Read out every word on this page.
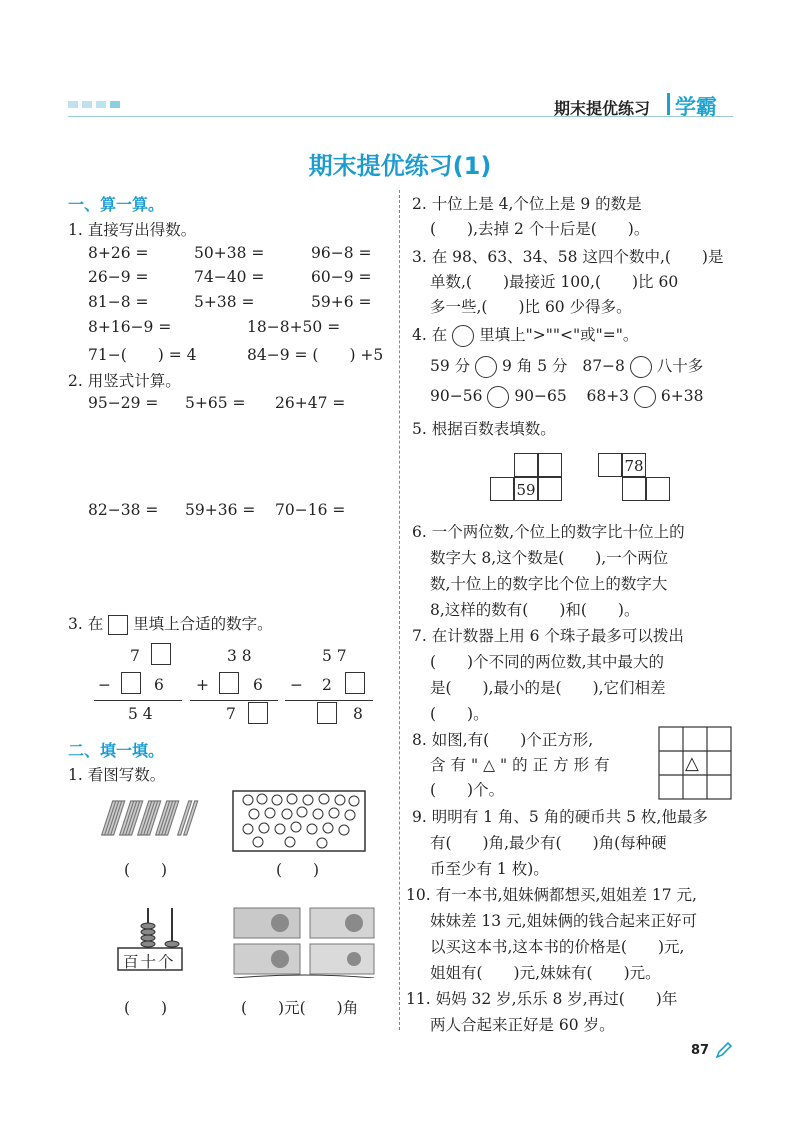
期末提优练习 学霸
期末提优练习(1)
一、算一算。
1. 直接写出得数。
8+26 =	50+38 =	96−8 =
26−9 =	74−40 =	60−9 =
81−8 =	5+38 =	59+6 =
8+16−9 =	18−8+50 =
71−(　　) = 4	84−9 = (　　) +5
2. 用竖式计算。
95−29 = 5+65 = 26+47 =
82−38 = 59+36 = 70−16 =
3. 在 里填上合适的数字。
7
−	6
5 4
3 8
+	6
7
5 7
− 2
8
二、填一填。
1. 看图写数。
(　　)	(　　)
百十个
(　　)	(　　)元(　　)角
2. 十位上是 4,个位上是 9 的数是
(　　),去掉 2 个十后是(　　)。
3. 在 98、63、34、58 这四个数中,(　　)是
单数,(　　)最接近 100,(　　)比 60
多一些,(　　)比 60 少得多。
4. 在 里填上">""<"或"="。
59 分 9 角 5 分 87−8 八十多
90−56 90−65 68+3 6+38
5. 根据百数表填数。
59
78
6. 一个两位数,个位上的数字比十位上的
数字大 8,这个数是(　　),一个两位
数,十位上的数字比个位上的数字大
8,这样的数有(　　)和(　　)。
7. 在计数器上用 6 个珠子最多可以拨出
(　　)个不同的两位数,其中最大的
是(　　),最小的是(　　),它们相差
(　　)。
8. 如图,有(　　)个正方形,
含有"△"的正方形有
(　　)个。
△
9. 明明有 1 角、5 角的硬币共 5 枚,他最多
有(　　)角,最少有(　　)角(每种硬
币至少有 1 枚)。
10. 有一本书,姐妹俩都想买,姐姐差 17 元,
妹妹差 13 元,姐妹俩的钱合起来正好可
以买这本书,这本书的价格是(　　)元,
姐姐有(　　)元,妹妹有(　　)元。
11. 妈妈 32 岁,乐乐 8 岁,再过(　　)年
两人合起来正好是 60 岁。
87
